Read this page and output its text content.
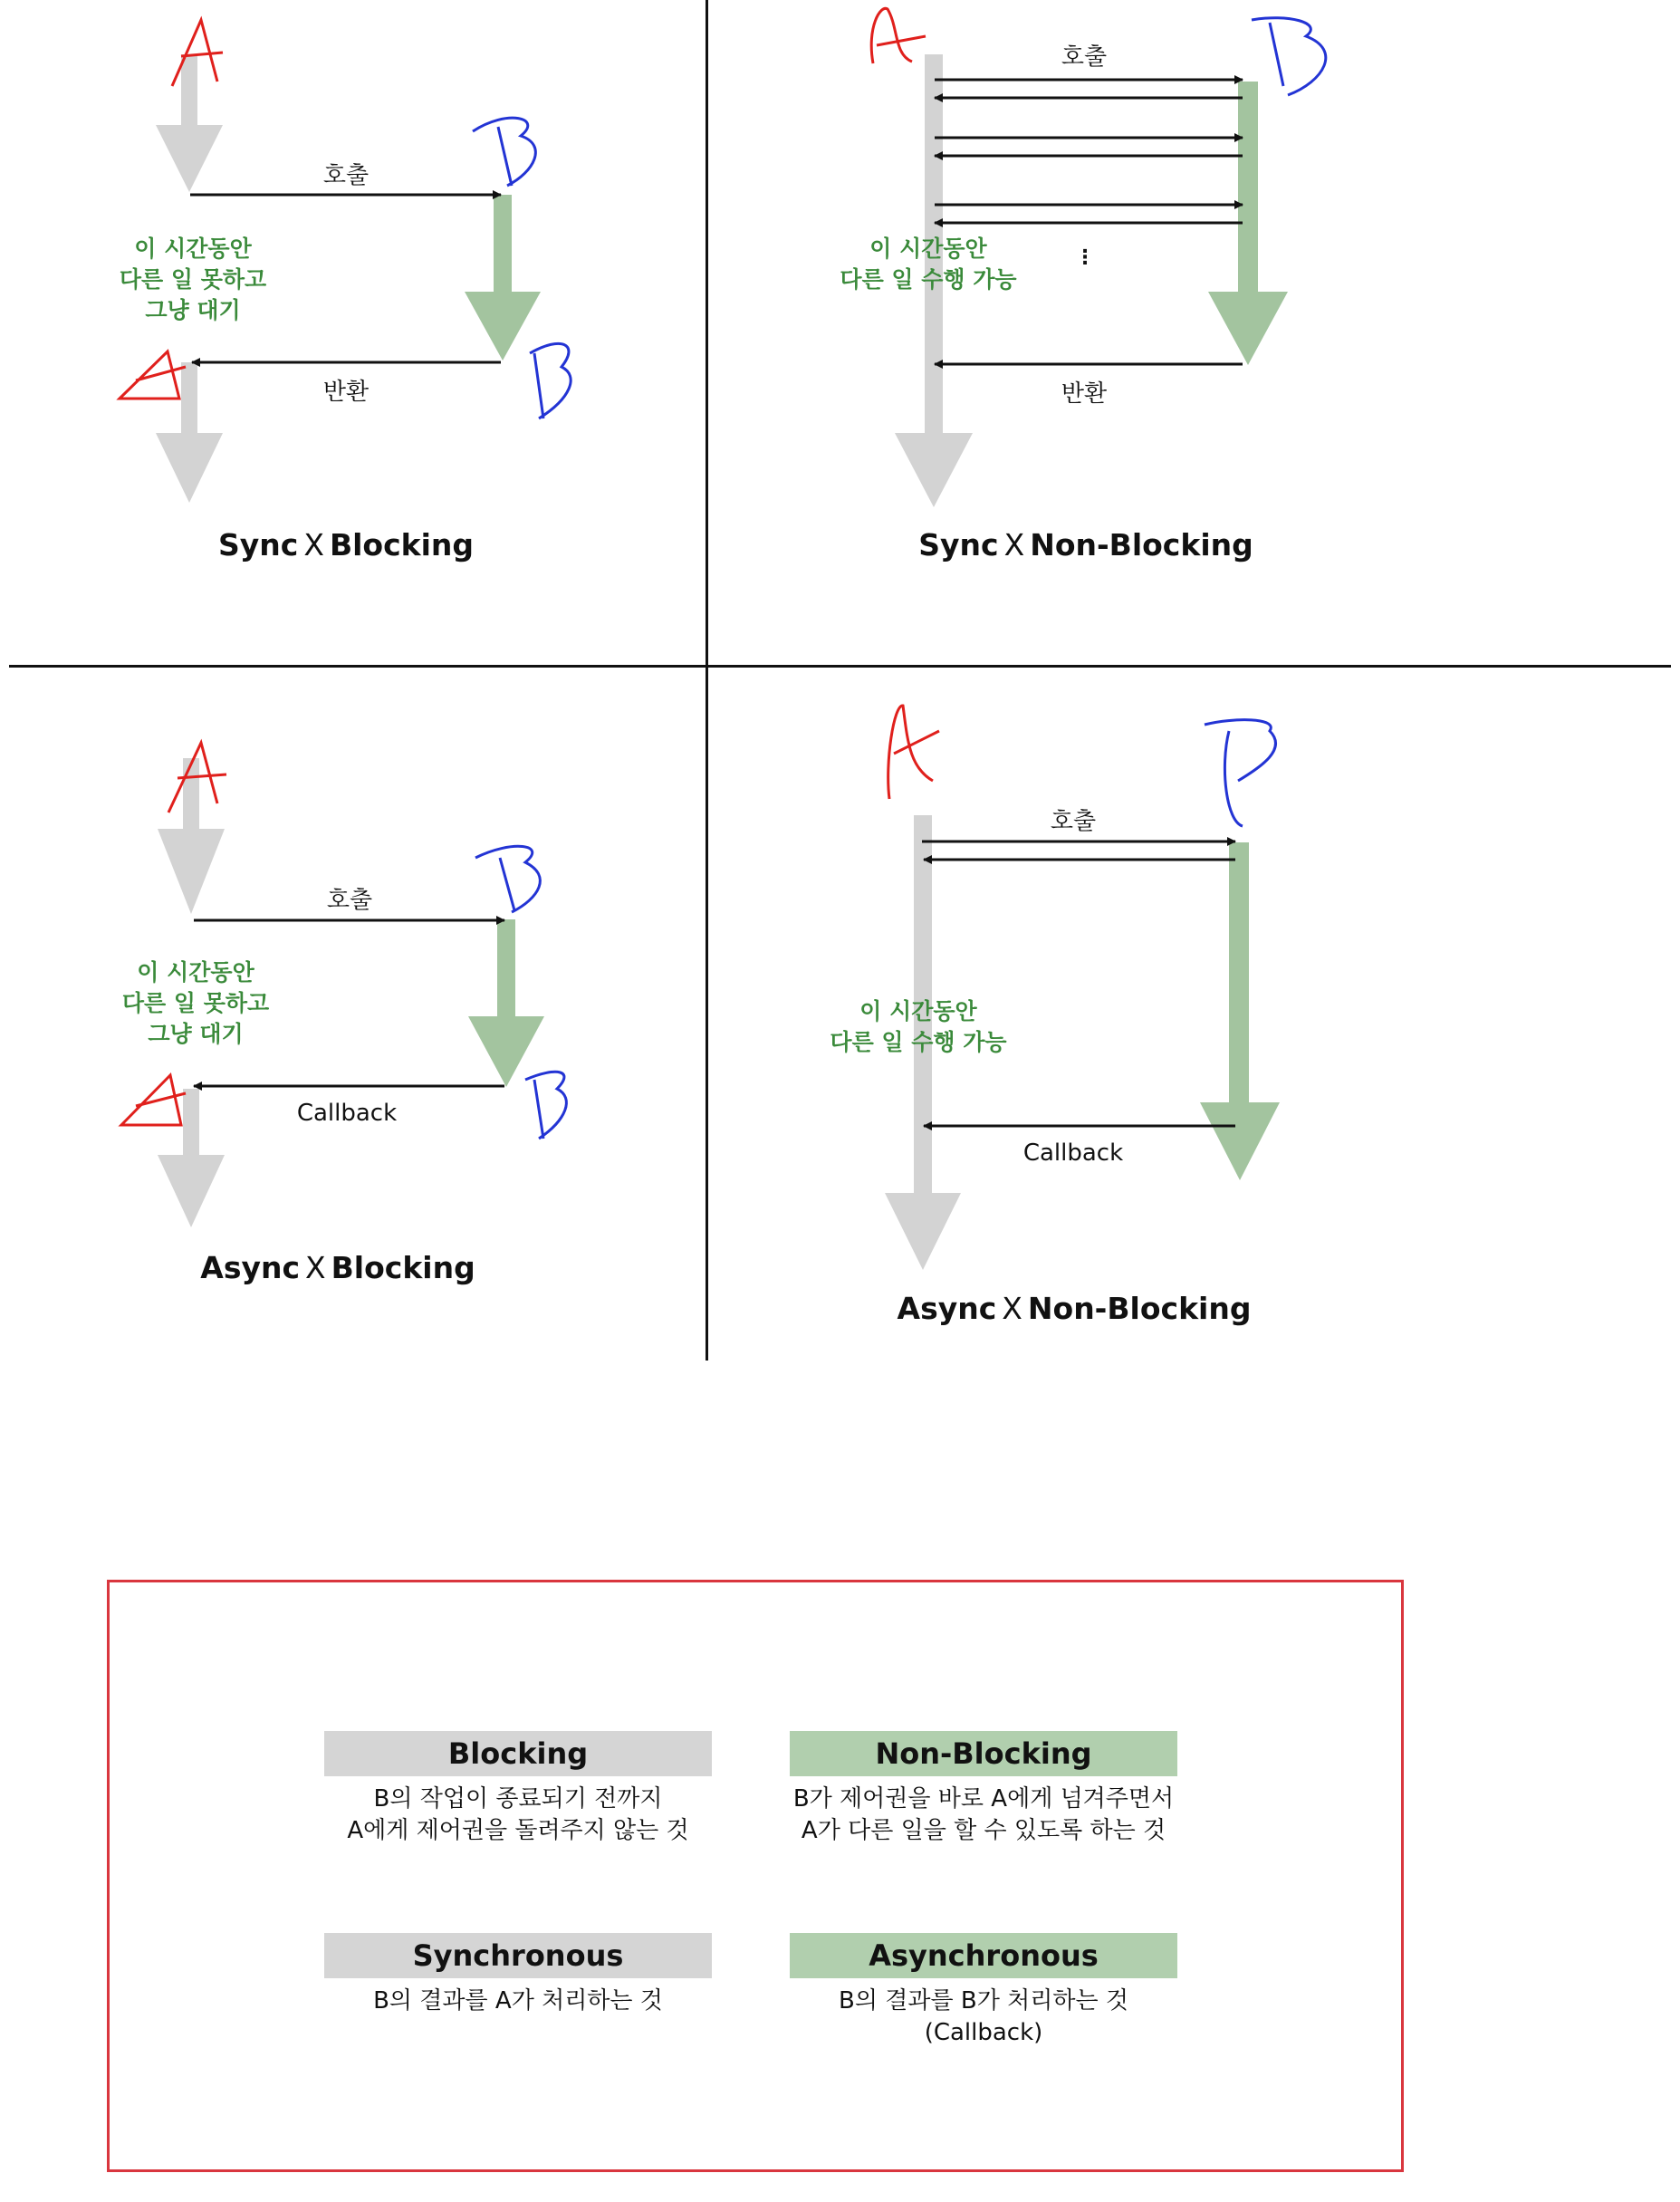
호출
반환
이 시간동안
다른 일 못하고
그냥 대기
Sync X Blocking
호출
반환
⋮
이 시간동안
다른 일 수행 가능
Sync X Non-Blocking
호출
Callback
이 시간동안
다른 일 못하고
그냥 대기
Async X Blocking
호출
Callback
이 시간동안
다른 일 수행 가능
Async X Non-Blocking
Blocking
B의 작업이 종료되기 전까지
A에게 제어권을 돌려주지 않는 것
Non-Blocking
B가 제어권을 바로 A에게 넘겨주면서
A가 다른 일을 할 수 있도록 하는 것
Synchronous
B의 결과를 A가 처리하는 것
Asynchronous
B의 결과를 B가 처리하는 것
(Callback)
